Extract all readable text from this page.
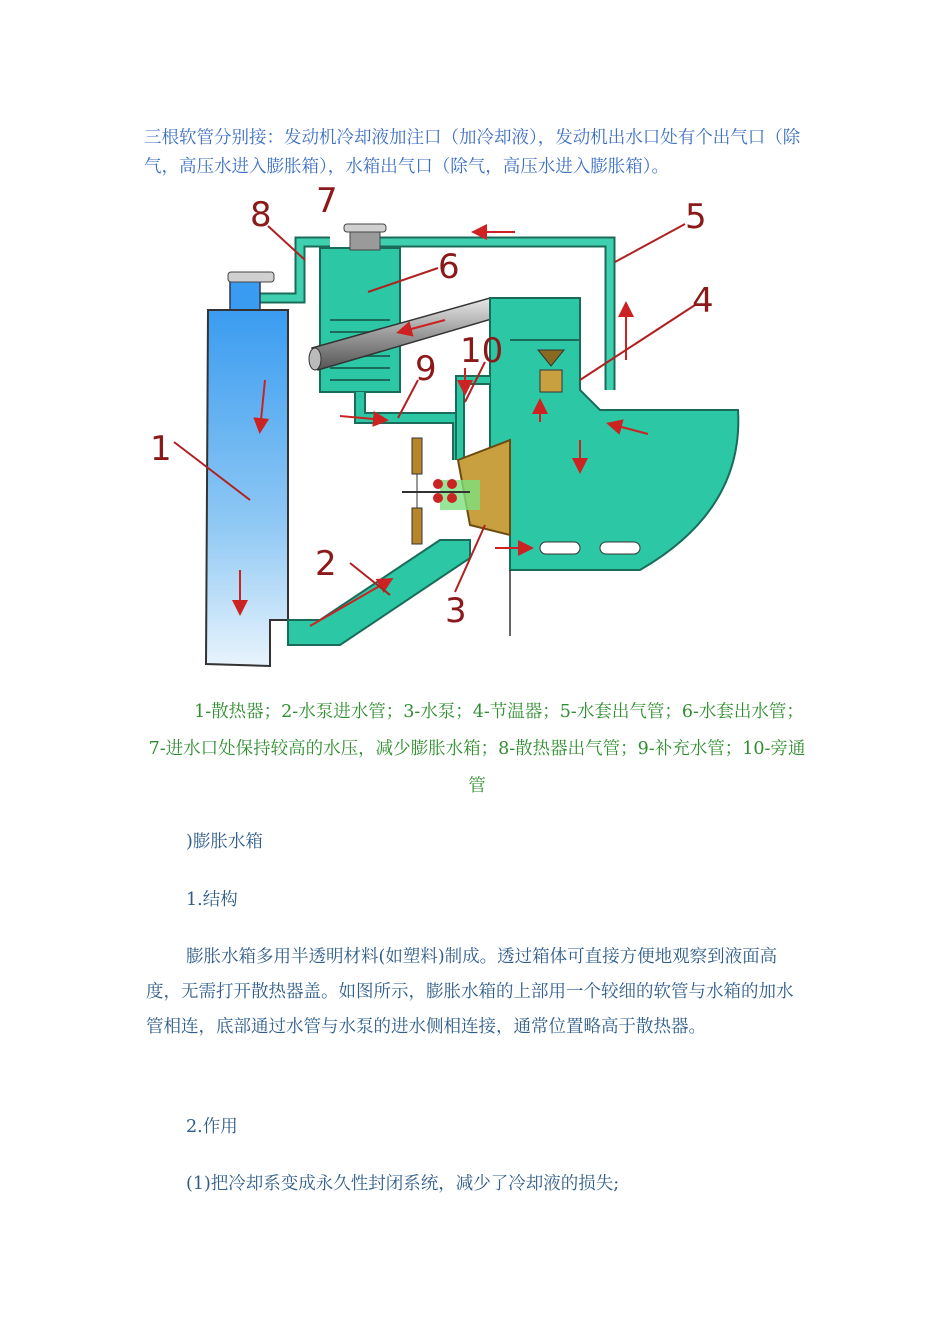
三根软管分别接：发动机冷却液加注口（加冷却液），发动机出水口处有个出气口（除气，高压水进入膨胀箱），水箱出气口（除气，高压水进入膨胀箱）。

1
2
3
4
5
6
7
8
9 10

1-散热器；2-水泵进水管；3-水泵；4-节温器；5-水套出气管；6-水套出水管；7-进水口处保持较高的水压，减少膨胀水箱；8-散热器出气管；9-补充水管；10-旁通管

)膨胀水箱

1.结构

膨胀水箱多用半透明材料(如塑料)制成。透过箱体可直接方便地观察到液面高度，无需打开散热器盖。如图所示，膨胀水箱的上部用一个较细的软管与水箱的加水管相连，底部通过水管与水泵的进水侧相连接，通常位置略高于散热器。

2.作用

(1)把冷却系变成永久性封闭系统，减少了冷却液的损失;
